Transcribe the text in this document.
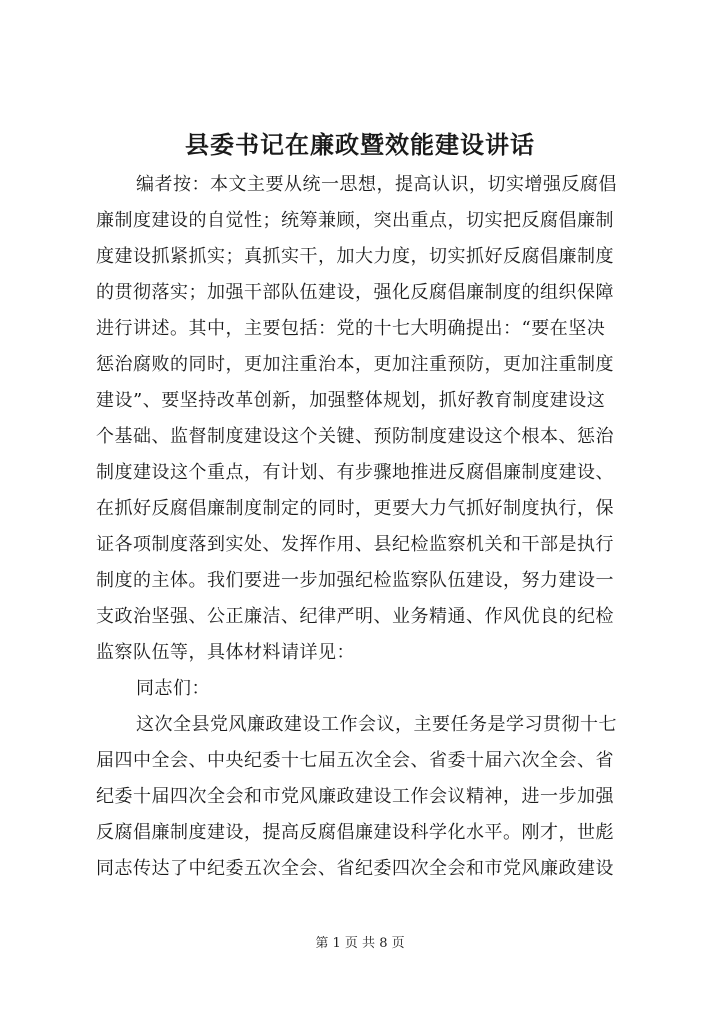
县委书记在廉政暨效能建设讲话
编者按：本文主要从统一思想，提高认识，切实增强反腐倡
廉制度建设的自觉性；统筹兼顾，突出重点，切实把反腐倡廉制
度建设抓紧抓实；真抓实干，加大力度，切实抓好反腐倡廉制度
的贯彻落实；加强干部队伍建设，强化反腐倡廉制度的组织保障
进行讲述。其中，主要包括：党的十七大明确提出：“要在坚决
惩治腐败的同时，更加注重治本，更加注重预防，更加注重制度
建设”、要坚持改革创新，加强整体规划，抓好教育制度建设这
个基础、监督制度建设这个关键、预防制度建设这个根本、惩治
制度建设这个重点，有计划、有步骤地推进反腐倡廉制度建设、
在抓好反腐倡廉制度制定的同时，更要大力气抓好制度执行，保
证各项制度落到实处、发挥作用、县纪检监察机关和干部是执行
制度的主体。我们要进一步加强纪检监察队伍建设，努力建设一
支政治坚强、公正廉洁、纪律严明、业务精通、作风优良的纪检
监察队伍等，具体材料请详见：
同志们：
这次全县党风廉政建设工作会议，主要任务是学习贯彻十七
届四中全会、中央纪委十七届五次全会、省委十届六次全会、省
纪委十届四次全会和市党风廉政建设工作会议精神，进一步加强
反腐倡廉制度建设，提高反腐倡廉建设科学化水平。刚才，世彪
同志传达了中纪委五次全会、省纪委四次全会和市党风廉政建设
第 1 页 共 8 页
